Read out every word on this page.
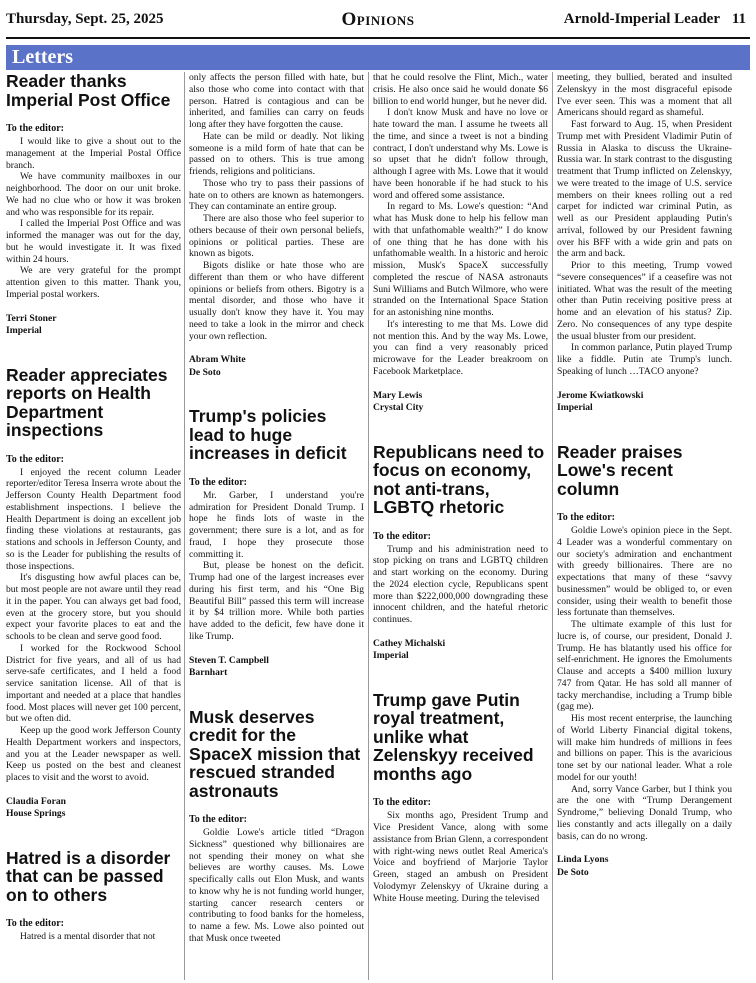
Thursday, Sept. 25, 2025	Opinions	Arnold-Imperial Leader 11
Letters
Reader thanks Imperial Post Office
To the editor:

I would like to give a shout out to the management at the Imperial Postal Office branch.

We have community mailboxes in our neighborhood. The door on our unit broke. We had no clue who or how it was broken and who was responsible for its repair.

I called the Imperial Post Office and was informed the manager was out for the day, but he would investigate it. It was fixed within 24 hours.

We are very grateful for the prompt attention given to this matter. Thank you, Imperial postal workers.

Terri Stoner
Imperial
Reader appreciates reports on Health Department inspections
To the editor:

I enjoyed the recent column Leader reporter/editor Teresa Inserra wrote about the Jefferson County Health Department food establishment inspections. I believe the Health Department is doing an excellent job finding these violations at restaurants, gas stations and schools in Jefferson County, and so is the Leader for publishing the results of those inspections.

It's disgusting how awful places can be, but most people are not aware until they read it in the paper. You can always get bad food, even at the grocery store, but you should expect your favorite places to eat and the schools to be clean and serve good food.

I worked for the Rockwood School District for five years, and all of us had serve-safe certificates, and I held a food service sanitation license. All of that is important and needed at a place that handles food. Most places will never get 100 percent, but we often did.

Keep up the good work Jefferson County Health Department workers and inspectors, and you at the Leader newspaper as well. Keep us posted on the best and cleanest places to visit and the worst to avoid.

Claudia Foran
House Springs
Hatred is a disorder that can be passed on to others
To the editor:

Hatred is a mental disorder that not

only affects the person filled with hate, but also those who come into contact with that person. Hatred is contagious and can be inherited, and families can carry on feuds long after they have forgotten the cause.

Hate can be mild or deadly. Not liking someone is a mild form of hate that can be passed on to others. This is true among friends, religions and politicians.

Those who try to pass their passions of hate on to others are known as hatemongers. They can contaminate an entire group.

There are also those who feel superior to others because of their own personal beliefs, opinions or political parties. These are known as bigots.

Bigots dislike or hate those who are different than them or who have different opinions or beliefs from others. Bigotry is a mental disorder, and those who have it usually don't know they have it. You may need to take a look in the mirror and check your own reflection.

Abram White
De Soto
Trump's policies lead to huge increases in deficit
To the editor:

Mr. Garber, I understand you're admiration for President Donald Trump. I hope he finds lots of waste in the government; there sure is a lot, and as for fraud, I hope they prosecute those committing it.

But, please be honest on the deficit. Trump had one of the largest increases ever during his first term, and his “One Big Beautiful Bill” passed this term will increase it by $4 trillion more. While both parties have added to the deficit, few have done it like Trump.

Steven T. Campbell
Barnhart
Musk deserves credit for the SpaceX mission that rescued stranded astronauts
To the editor:

Goldie Lowe's article titled “Dragon Sickness” questioned why billionaires are not spending their money on what she believes are worthy causes. Ms. Lowe specifically calls out Elon Musk, and wants to know why he is not funding world hunger, starting cancer research centers or contributing to food banks for the homeless, to name a few. Ms. Lowe also pointed out that Musk once tweeted

that he could resolve the Flint, Mich., water crisis. He also once said he would donate $6 billion to end world hunger, but he never did.

I don't know Musk and have no love or hate toward the man. I assume he tweets all the time, and since a tweet is not a binding contract, I don't understand why Ms. Lowe is so upset that he didn't follow through, although I agree with Ms. Lowe that it would have been honorable if he had stuck to his word and offered some assistance.

In regard to Ms. Lowe's question: “And what has Musk done to help his fellow man with that unfathomable wealth?” I do know of one thing that he has done with his unfathomable wealth. In a historic and heroic mission, Musk's SpaceX successfully completed the rescue of NASA astronauts Suni Williams and Butch Wilmore, who were stranded on the International Space Station for an astonishing nine months.

It's interesting to me that Ms. Lowe did not mention this. And by the way Ms. Lowe, you can find a very reasonably priced microwave for the Leader breakroom on Facebook Marketplace.

Mary Lewis
Crystal City
Republicans need to focus on economy, not anti-trans, LGBTQ rhetoric
To the editor:

Trump and his administration need to stop picking on trans and LGBTQ children and start working on the economy. During the 2024 election cycle, Republicans spent more than $222,000,000 downgrading these innocent children, and the hateful rhetoric continues.

Cathey Michalski
Imperial
Trump gave Putin royal treatment, unlike what Zelenskyy received months ago
To the editor:

Six months ago, President Trump and Vice President Vance, along with some assistance from Brian Glenn, a correspondent with right-wing news outlet Real America's Voice and boyfriend of Marjorie Taylor Green, staged an ambush on President Volodymyr Zelenskyy of Ukraine during a White House meeting. During the televised

meeting, they bullied, berated and insulted Zelenskyy in the most disgraceful episode I've ever seen. This was a moment that all Americans should regard as shameful.

Fast forward to Aug. 15, when President Trump met with President Vladimir Putin of Russia in Alaska to discuss the Ukraine-Russia war. In stark contrast to the disgusting treatment that Trump inflicted on Zelenskyy, we were treated to the image of U.S. service members on their knees rolling out a red carpet for indicted war criminal Putin, as well as our President applauding Putin's arrival, followed by our President fawning over his BFF with a wide grin and pats on the arm and back.

Prior to this meeting, Trump vowed “severe consequences” if a ceasefire was not initiated. What was the result of the meeting other than Putin receiving positive press at home and an elevation of his status? Zip. Zero. No consequences of any type despite the usual bluster from our president.

In common parlance, Putin played Trump like a fiddle. Putin ate Trump's lunch. Speaking of lunch …TACO anyone?

Jerome Kwiatkowski
Imperial
Reader praises Lowe's recent column
To the editor:

Goldie Lowe's opinion piece in the Sept. 4 Leader was a wonderful commentary on our society's admiration and enchantment with greedy billionaires. There are no expectations that many of these “savvy businessmen” would be obliged to, or even consider, using their wealth to benefit those less fortunate than themselves.

The ultimate example of this lust for lucre is, of course, our president, Donald J. Trump. He has blatantly used his office for self-enrichment. He ignores the Emoluments Clause and accepts a $400 million luxury 747 from Qatar. He has sold all manner of tacky merchandise, including a Trump bible (gag me).

His most recent enterprise, the launching of World Liberty Financial digital tokens, will make him hundreds of millions in fees and billions on paper. This is the avaricious tone set by our national leader. What a role model for our youth!

And, sorry Vance Garber, but I think you are the one with “Trump Derangement Syndrome,” believing Donald Trump, who lies constantly and acts illegally on a daily basis, can do no wrong.

Linda Lyons
De Soto
